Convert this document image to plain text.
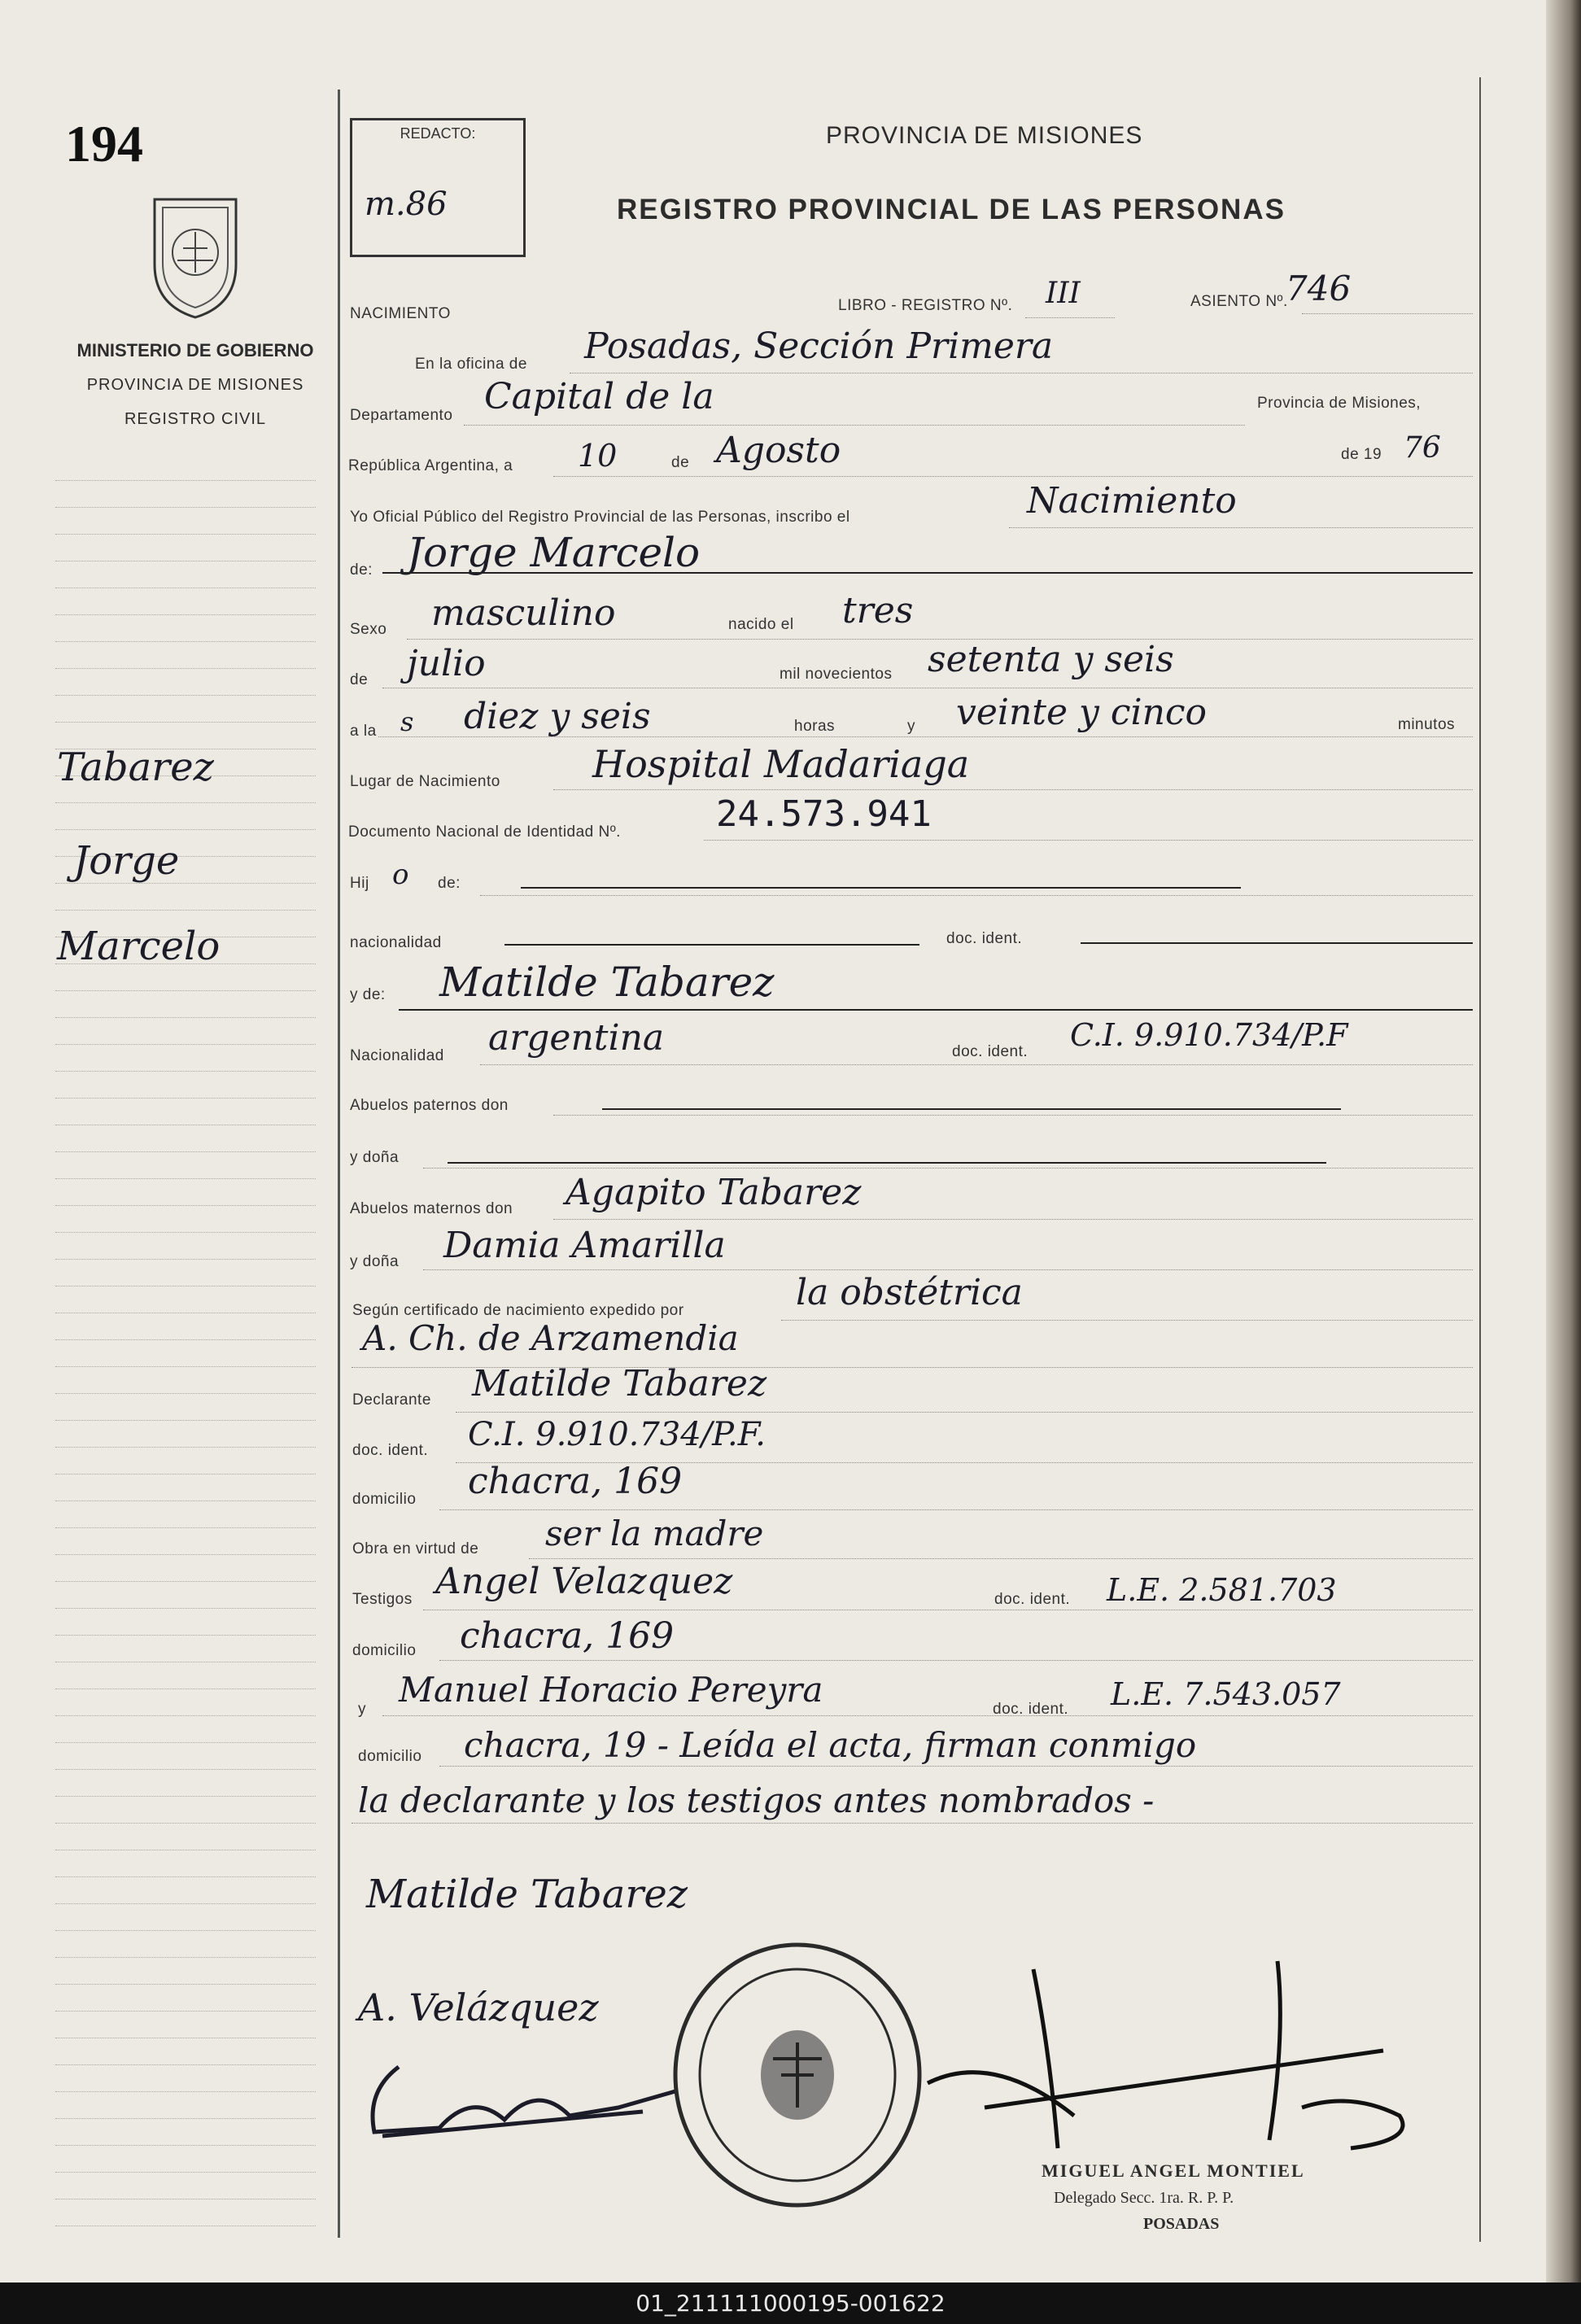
194
MINISTERIO DE GOBIERNO
PROVINCIA DE MISIONES
REGISTRO CIVIL
Tabarez
Jorge
Marcelo
REDACTO:
m.86
PROVINCIA DE MISIONES
REGISTRO PROVINCIAL DE LAS PERSONAS
NACIMIENTO	LIBRO - REGISTRO Nº. III	ASIENTO Nº.
746
En la oficina de Posadas, Sección Primera
Departamento Capital de la	Provincia de Misiones,
República Argentina, a 10	de Agosto	de 19 76
Yo Oficial Público del Registro Provincial de las Personas, inscribo el	Nacimiento
de: Jorge Marcelo
Sexo masculino	nacido el tres
de julio	mil novecientos setenta y seis
a la s diez y seis	horas	y veinte y cinco	minutos
Lugar de Nacimiento Hospital Madariaga
Documento Nacional de Identidad Nº.	24.573.941
Hij o de:
nacionalidad	doc. ident.
y de: Matilde Tabarez
Nacionalidad argentina	doc. ident. C.I. 9.910.734/P.F
Abuelos paternos don
y doña
Abuelos maternos don Agapito Tabarez
y doña Damia Amarilla
Según certificado de nacimiento expedido por	la obstétrica
A. Ch. de Arzamendia
Declarante Matilde Tabarez
doc. ident. C.I. 9.910.734/P.F.
domicilio chacra, 169
Obra en virtud de ser la madre
Testigos Angel Velazquez	doc. ident. L.E. 2.581.703
domicilio chacra, 169
y Manuel Horacio Pereyra	doc. ident. L.E. 7.543.057
domicilio chacra, 19 - Leída el acta, firman conmigo
la declarante y los testigos antes nombrados -
Matilde Tabarez
A. Velázquez
MIGUEL ANGEL MONTIEL
Delegado Secc. 1ra. R. P. P.
POSADAS
01_211111000195-001622
